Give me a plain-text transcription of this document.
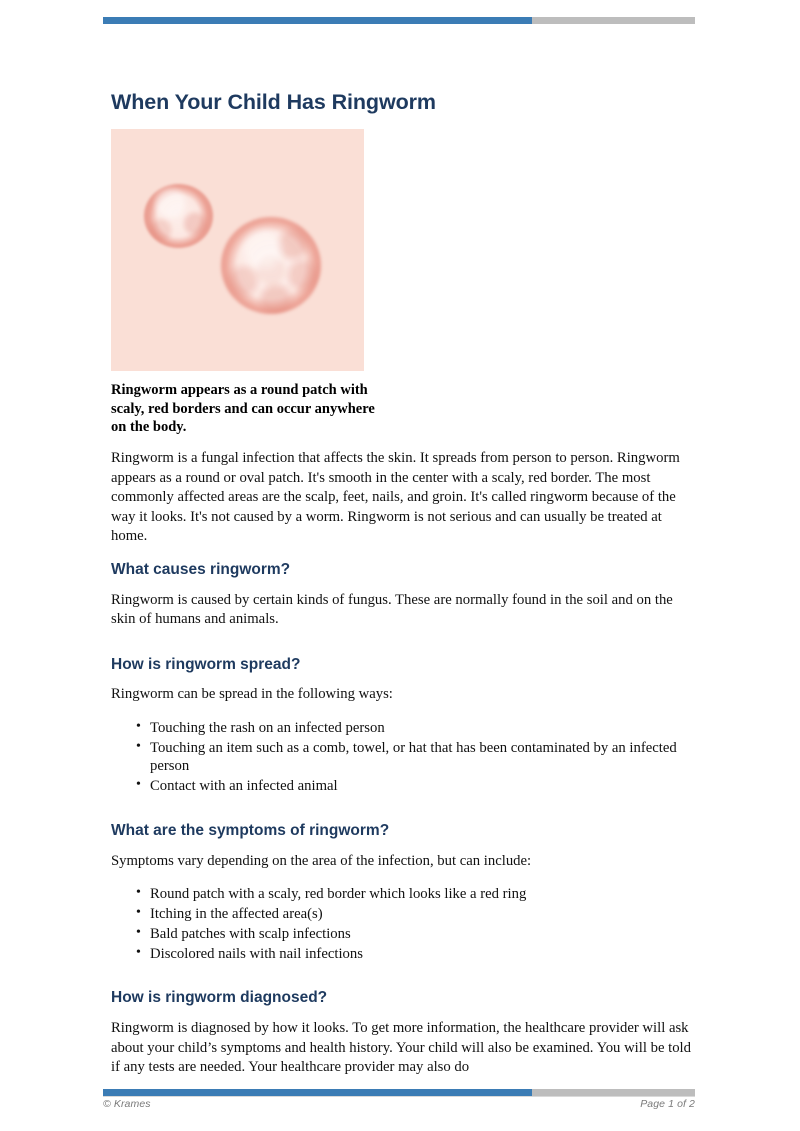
When Your Child Has Ringworm

Ringworm appears as a round patch with scaly, red borders and can occur anywhere on the body.

Ringworm is a fungal infection that affects the skin. It spreads from person to person. Ringworm appears as a round or oval patch. It's smooth in the center with a scaly, red border. The most commonly affected areas are the scalp, feet, nails, and groin. It's called ringworm because of the way it looks. It's not caused by a worm. Ringworm is not serious and can usually be treated at home.

What causes ringworm?

Ringworm is caused by certain kinds of fungus. These are normally found in the soil and on the skin of humans and animals.

How is ringworm spread?

Ringworm can be spread in the following ways:

• Touching the rash on an infected person
• Touching an item such as a comb, towel, or hat that has been contaminated by an infected person
• Contact with an infected animal
What are the symptoms of ringworm?

Symptoms vary depending on the area of the infection, but can include:

• Round patch with a scaly, red border which looks like a red ring
• Itching in the affected area(s)
• Bald patches with scalp infections
• Discolored nails with nail infections
How is ringworm diagnosed?

Ringworm is diagnosed by how it looks. To get more information, the healthcare provider will ask about your child’s symptoms and health history. Your child will also be examined. You will be told if any tests are needed. Your healthcare provider may also do

© Krames	Page 1 of 2
